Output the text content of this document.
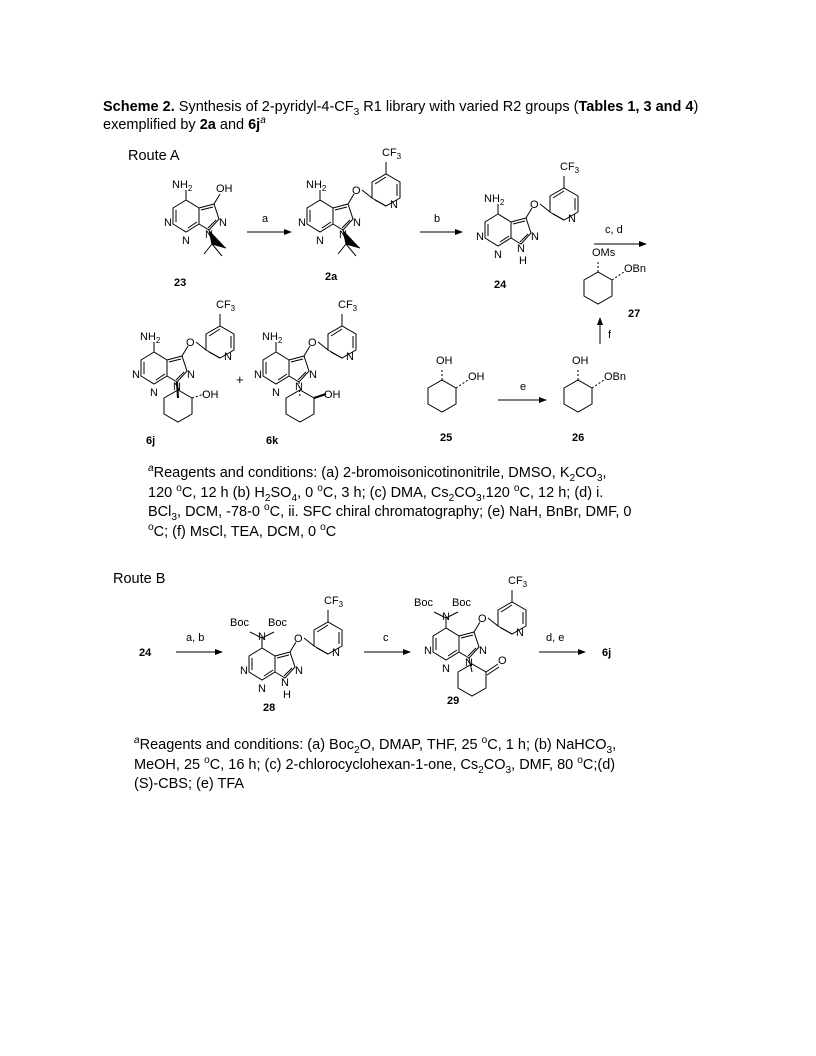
Scheme 2. Synthesis of $2-pyridyl-4-CF_3$ R1 library with varied R2 groups (Tables 1, 3 and 4)
exemplified by 2a and $6j^a$
Route A
Route B
$NH_2$ OH
N
N
N
N
23
a
$NH_2$ O
$CF_3$
N
N
N
N
N
2a
b
$NH_2$ O
$CF_3$
N
N
N
N
N
H
24
c, d
OMs
OBn
27
f
$NH_2$ O
$CF_3$
N
N
N
N
N
OH
6j
+
$NH_2$ O
$CF_3$
N
N
N
N
N
OH
6k
OH
OH
25
e
OH
OBn
26
24
a, b
Boc Boc
N	O
$CF_3$
N
N
N
N
N
H
28
c
Boc Boc
N	O
$CF_3$
N
N
N
N
N O
29
d, e
6j
$^a$Reagents and conditions: (a) 2-bromoisonicotinonitrile, DMSO, $K_2CO_3$,
120 $^o$C, 12 h (b) $H_2SO_4$, 0 $^o$C, 3 h; (c) DMA, $Cs_2CO_3,120$ $^o$C, 12 h; (d) i.
BCl$_3$, DCM, -78-0 $^o$C, ii. SFC chiral chromatography; (e) NaH, BnBr, DMF, 0
$^o$C; (f) MsCl, TEA, DCM, 0 $^o$C
$^a$Reagents and conditions: (a) Boc$_2$O, DMAP, THF, 25 $^o$C, 1 h; (b) NaHCO$_3$,
MeOH, 25 $^o$C, 16 h; (c) 2-chlorocyclohexan-1-one, $Cs_2CO_3$, DMF, 80 $^o$C;(d)
(S)-CBS; (e) TFA
